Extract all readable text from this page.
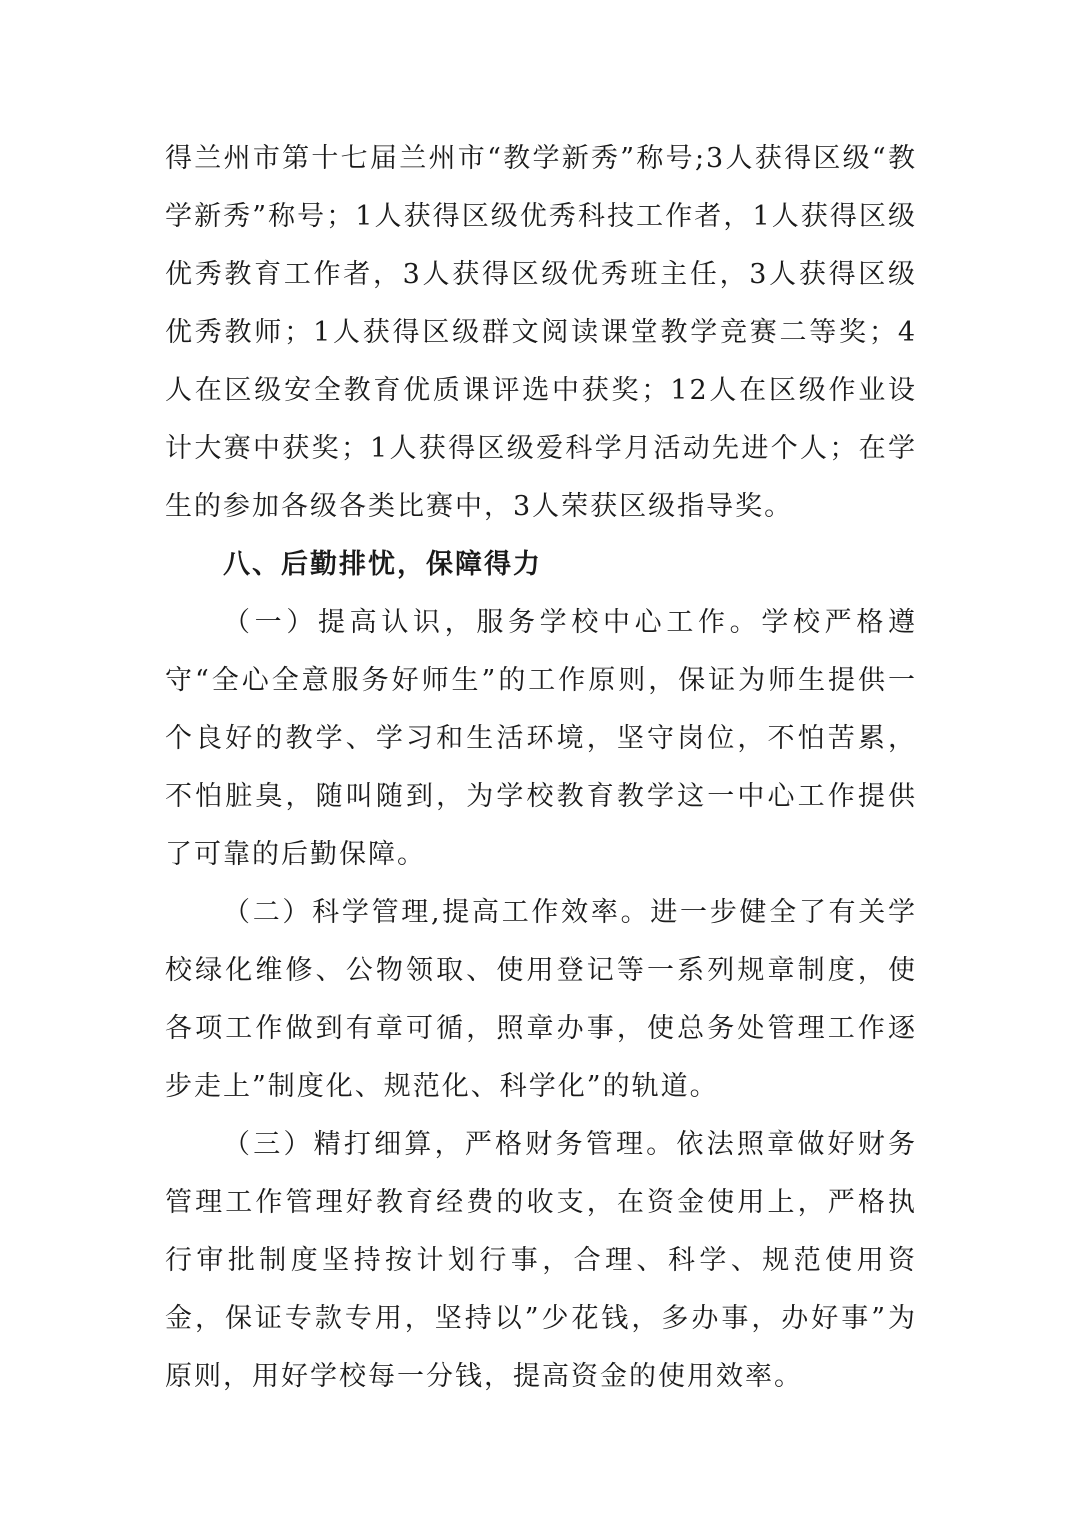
得兰州市第十七届兰州市“教学新秀”称号;3人获得区级“教学新秀”称号；1人获得区级优秀科技工作者，1人获得区级优秀教育工作者，3人获得区级优秀班主任，3人获得区级优秀教师；1人获得区级群文阅读课堂教学竞赛二等奖；4人在区级安全教育优质课评选中获奖；12人在区级作业设计大赛中获奖；1人获得区级爱科学月活动先进个人；在学生的参加各级各类比赛中，3人荣获区级指导奖。

八、后勤排忧，保障得力

（一）提高认识，服务学校中心工作。学校严格遵守“全心全意服务好师生”的工作原则，保证为师生提供一个良好的教学、学习和生活环境，坚守岗位，不怕苦累，不怕脏臭，随叫随到，为学校教育教学这一中心工作提供了可靠的后勤保障。

（二）科学管理,提高工作效率。进一步健全了有关学校绿化维修、公物领取、使用登记等一系列规章制度，使各项工作做到有章可循，照章办事，使总务处管理工作逐步走上”制度化、规范化、科学化”的轨道。

（三）精打细算，严格财务管理。依法照章做好财务管理工作管理好教育经费的收支，在资金使用上，严格执行审批制度坚持按计划行事，合理、科学、规范使用资金，保证专款专用，坚持以”少花钱，多办事，办好事”为原则，用好学校每一分钱，提高资金的使用效率。
